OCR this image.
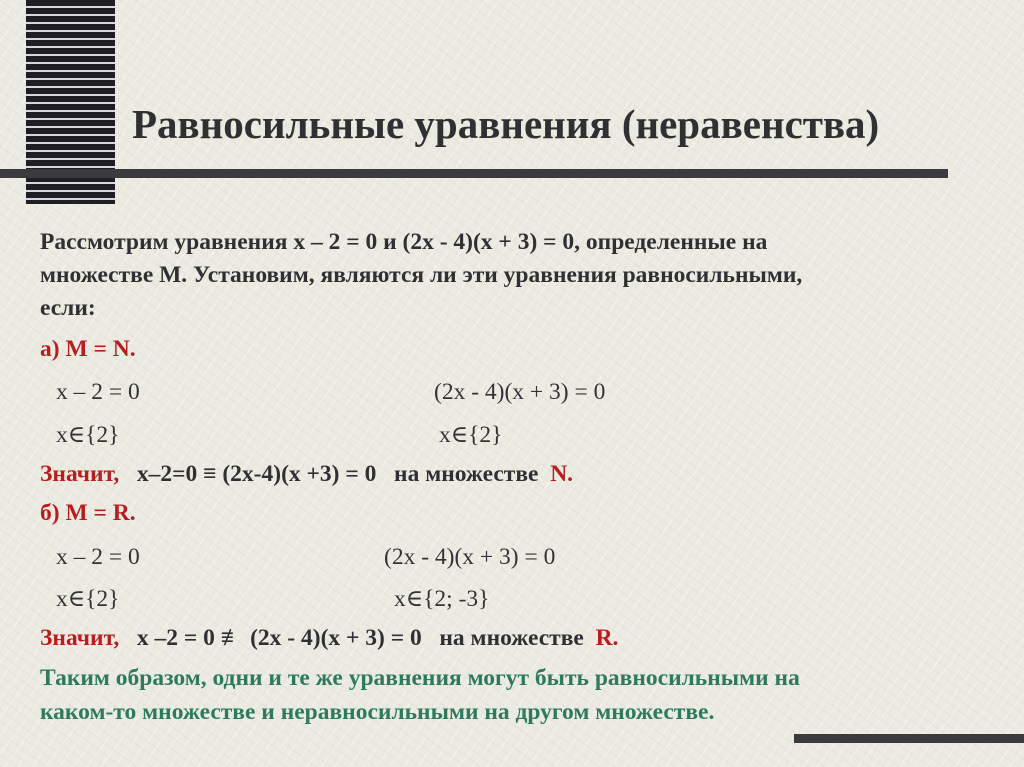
Равносильные уравнения (неравенства)

Рассмотрим уравнения x – 2 = 0 и (2x - 4)(x + 3) = 0, определенные на

множестве M. Установим, являются ли эти уравнения равносильными,

если:

а) M = N.

x – 2 = 0	(2x - 4)(x + 3) = 0

x∈{2}	x∈{2}

Значит, x–2=0 ≡ (2x-4)(x +3) = 0 на множестве N.

б) M = R.

x – 2 = 0	(2x - 4)(x + 3) = 0

x∈{2}	x∈{2; -3}

Значит, x –2 = 0 ≢ (2x - 4)(x + 3) = 0 на множестве R.

Таким образом, одни и те же уравнения могут быть равносильными на

каком-то множестве и неравносильными на другом множестве.
